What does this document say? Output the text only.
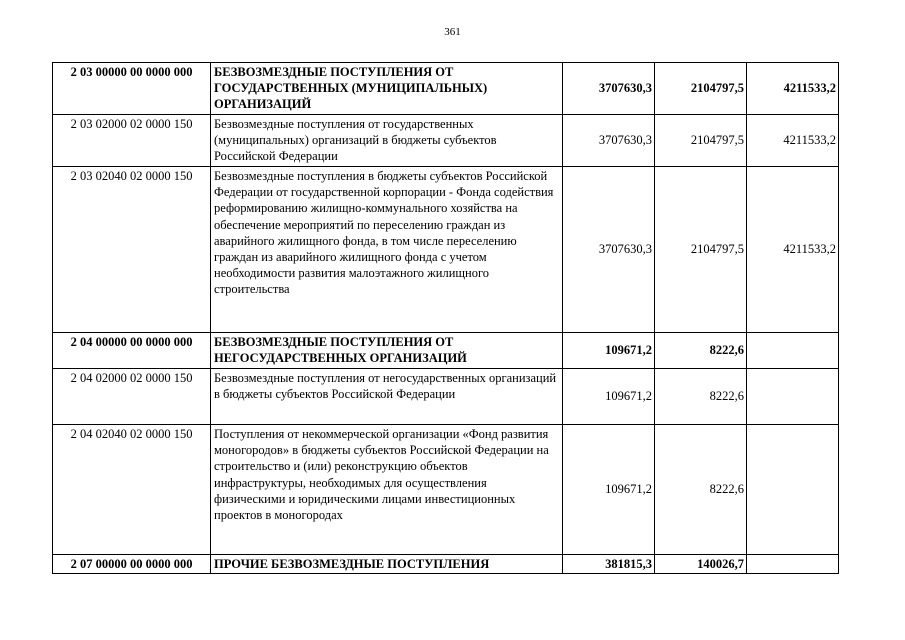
361
2 03 00000 00 0000 000	БЕЗВОЗМЕЗДНЫЕ ПОСТУПЛЕНИЯ ОТ ГОСУДАРСТВЕННЫХ (МУНИЦИПАЛЬНЫХ) ОРГАНИЗАЦИЙ	3707630,3	2104797,5	4211533,2
2 03 02000 02 0000 150	Безвозмездные поступления от государственных (муниципальных) организаций в бюджеты субъектов Российской Федерации	3707630,3	2104797,5	4211533,2
2 03 02040 02 0000 150	Безвозмездные поступления в бюджеты субъектов Российской Федерации от государственной корпорации - Фонда содействия реформированию жилищно-коммунального хозяйства на обеспечение мероприятий по переселению граждан из аварийного жилищного фонда, в том числе переселению граждан из аварийного жилищного фонда с учетом необходимости развития малоэтажного жилищного строительства	3707630,3	2104797,5	4211533,2
2 04 00000 00 0000 000	БЕЗВОЗМЕЗДНЫЕ ПОСТУПЛЕНИЯ ОТ НЕГОСУДАРСТВЕННЫХ ОРГАНИЗАЦИЙ	109671,2	8222,6	
2 04 02000 02 0000 150	Безвозмездные поступления от негосударственных организаций в бюджеты субъектов Российской Федерации	109671,2	8222,6	
2 04 02040 02 0000 150	Поступления от некоммерческой организации «Фонд развития моногородов» в бюджеты субъектов Российской Федерации на строительство и (или) реконструкцию объектов инфраструктуры, необходимых для осуществления физическими и юридическими лицами инвестиционных проектов в моногородах	109671,2	8222,6	
2 07 00000 00 0000 000	ПРОЧИЕ БЕЗВОЗМЕЗДНЫЕ ПОСТУПЛЕНИЯ	381815,3	140026,7	
